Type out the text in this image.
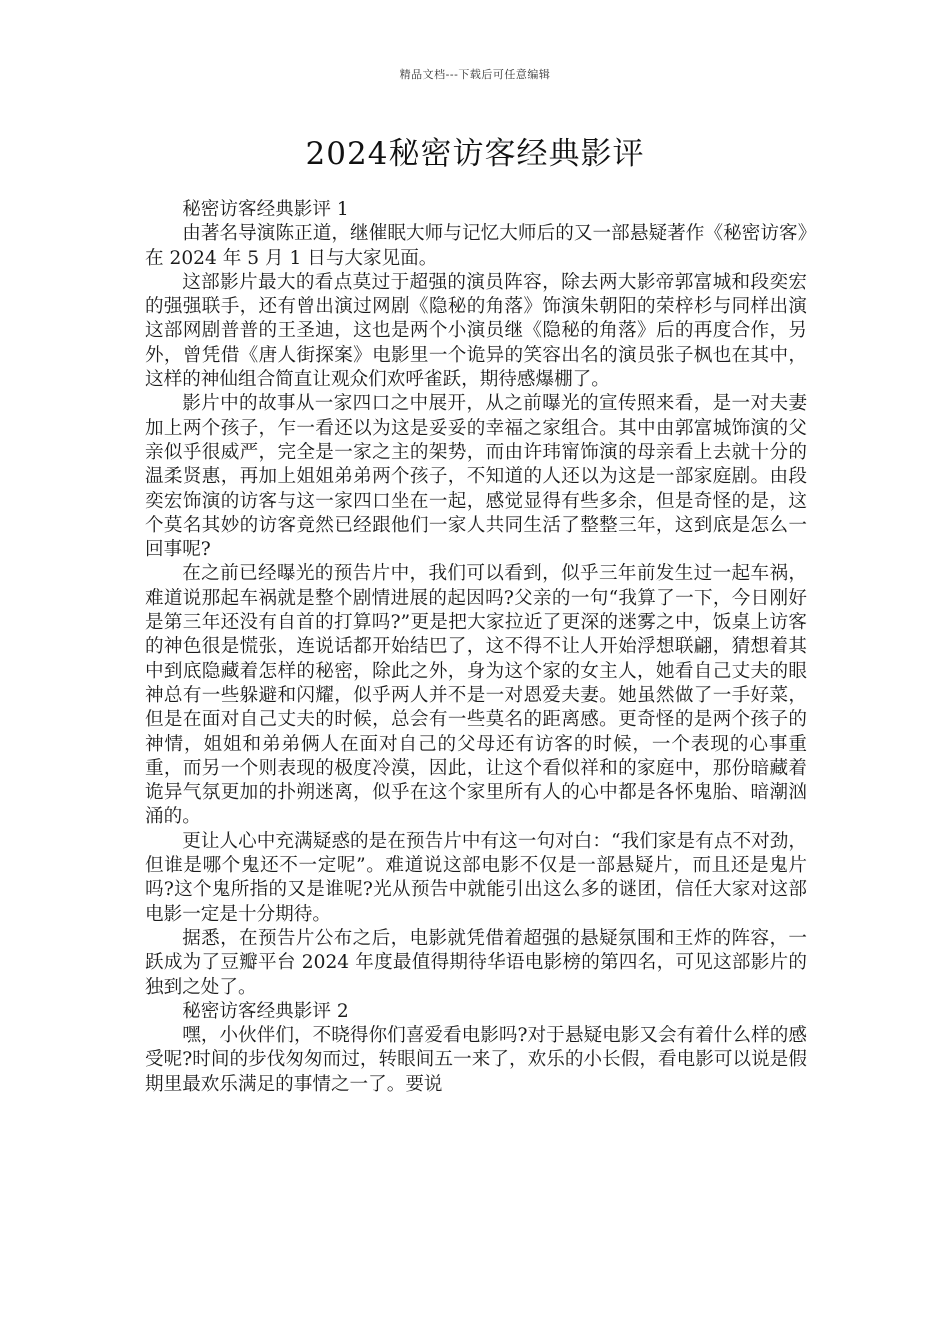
精品文档---下载后可任意编辑
2024秘密访客经典影评
秘密访客经典影评 1

由著名导演陈正道，继催眠大师与记忆大师后的又一部悬疑著作《秘密访客》在 2024 年 5 月 1 日与大家见面。

这部影片最大的看点莫过于超强的演员阵容，除去两大影帝郭富城和段奕宏的强强联手，还有曾出演过网剧《隐秘的角落》饰演朱朝阳的荣梓杉与同样出演这部网剧普普的王圣迪，这也是两个小演员继《隐秘的角落》后的再度合作，另外，曾凭借《唐人街探案》电影里一个诡异的笑容出名的演员张子枫也在其中，这样的神仙组合简直让观众们欢呼雀跃，期待感爆棚了。

影片中的故事从一家四口之中展开，从之前曝光的宣传照来看，是一对夫妻加上两个孩子，乍一看还以为这是妥妥的幸福之家组合。其中由郭富城饰演的父亲似乎很威严，完全是一家之主的架势，而由许玮甯饰演的母亲看上去就十分的温柔贤惠，再加上姐姐弟弟两个孩子，不知道的人还以为这是一部家庭剧。由段奕宏饰演的访客与这一家四口坐在一起，感觉显得有些多余，但是奇怪的是，这个莫名其妙的访客竟然已经跟他们一家人共同生活了整整三年，这到底是怎么一回事呢?

在之前已经曝光的预告片中，我们可以看到，似乎三年前发生过一起车祸，难道说那起车祸就是整个剧情进展的起因吗?父亲的一句“我算了一下，今日刚好是第三年还没有自首的打算吗?”更是把大家拉近了更深的迷雾之中，饭桌上访客的神色很是慌张，连说话都开始结巴了，这不得不让人开始浮想联翩，猜想着其中到底隐藏着怎样的秘密，除此之外，身为这个家的女主人，她看自己丈夫的眼神总有一些躲避和闪耀，似乎两人并不是一对恩爱夫妻。她虽然做了一手好菜，但是在面对自己丈夫的时候，总会有一些莫名的距离感。更奇怪的是两个孩子的神情，姐姐和弟弟俩人在面对自己的父母还有访客的时候，一个表现的心事重重，而另一个则表现的极度冷漠，因此，让这个看似祥和的家庭中，那份暗藏着诡异气氛更加的扑朔迷离，似乎在这个家里所有人的心中都是各怀鬼胎、暗潮汹涌的。

更让人心中充满疑惑的是在预告片中有这一句对白：“我们家是有点不对劲，但谁是哪个鬼还不一定呢”。难道说这部电影不仅是一部悬疑片，而且还是鬼片吗?这个鬼所指的又是谁呢?光从预告中就能引出这么多的谜团，信任大家对这部电影一定是十分期待。

据悉，在预告片公布之后，电影就凭借着超强的悬疑氛围和王炸的阵容，一跃成为了豆瓣平台 2024 年度最值得期待华语电影榜的第四名，可见这部影片的独到之处了。

秘密访客经典影评 2

嘿，小伙伴们，不晓得你们喜爱看电影吗?对于悬疑电影又会有着什么样的感受呢?时间的步伐匆匆而过，转眼间五一来了，欢乐的小长假，看电影可以说是假期里最欢乐满足的事情之一了。要说
